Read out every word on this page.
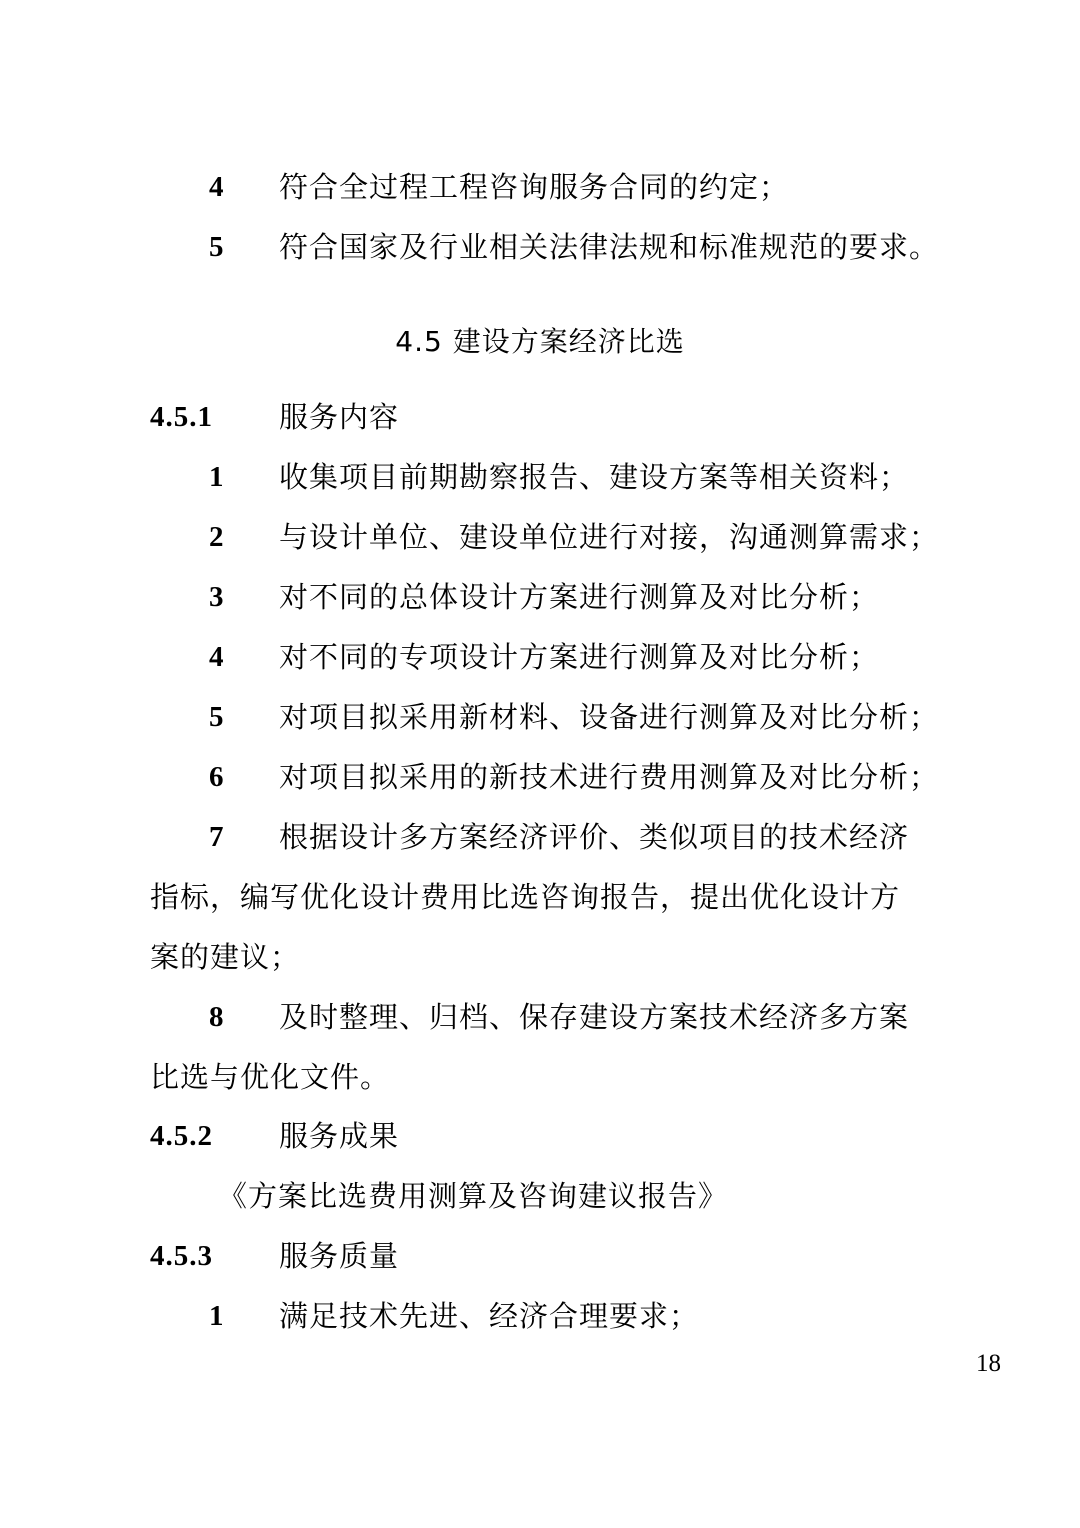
4 符合全过程工程咨询服务合同的约定；
5 符合国家及行业相关法律法规和标准规范的要求。
4.5 建设方案经济比选
4.5.1 服务内容
1 收集项目前期勘察报告、建设方案等相关资料；
2 与设计单位、建设单位进行对接，沟通测算需求；
3 对不同的总体设计方案进行测算及对比分析；
4 对不同的专项设计方案进行测算及对比分析；
5 对项目拟采用新材料、设备进行测算及对比分析；
6 对项目拟采用的新技术进行费用测算及对比分析；
7 根据设计多方案经济评价、类似项目的技术经济
指标，编写优化设计费用比选咨询报告，提出优化设计方
案的建议；
8 及时整理、归档、保存建设方案技术经济多方案
比选与优化文件。
4.5.2 服务成果
《方案比选费用测算及咨询建议报告》
4.5.3 服务质量
1 满足技术先进、经济合理要求；
18
